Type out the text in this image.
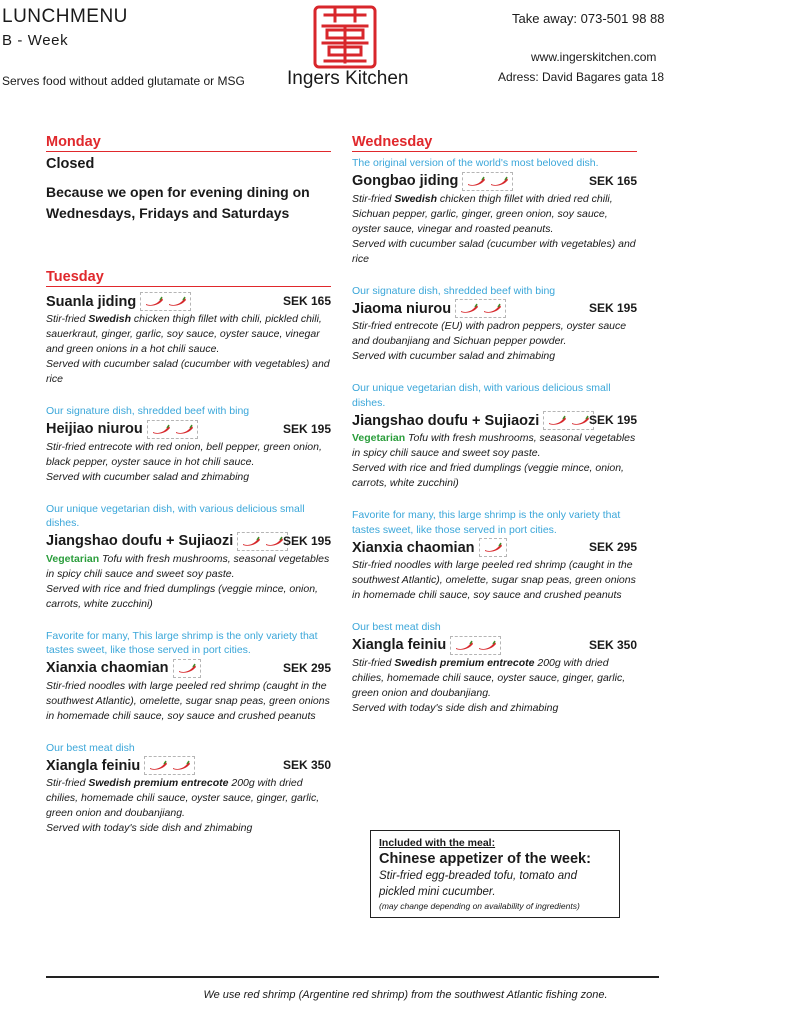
LUNCHMENU
B - Week
Serves food without added glutamate or MSG Ingers Kitchen
Take away: 073-501 98 88
www.ingerskitchen.com
Adress: David Bagares gata 18
Monday
Closed
Because we open for evening dining on Wednesdays, Fridays and Saturdays
Tuesday
Suanla jiding	SEK 165
Stir-fried Swedish chicken thigh fillet with chili, pickled chili, sauerkraut, ginger, garlic, soy sauce, oyster sauce, vinegar and green onions in a hot chili sauce.
Served with cucumber salad (cucumber with vegetables) and rice
Our signature dish, shredded beef with bing
Heijiao niurou	SEK 195
Stir-fried entrecote with red onion, bell pepper, green onion, black pepper, oyster sauce in hot chili sauce.
Served with cucumber salad and zhimabing
Our unique vegetarian dish, with various delicious small dishes.
Jiangshao doufu + Sujiaozi	SEK 195
Vegetarian Tofu with fresh mushrooms, seasonal vegetables in spicy chili sauce and sweet soy paste.
Served with rice and fried dumplings (veggie mince, onion, carrots, white zucchini)
Favorite for many, This large shrimp is the only variety that tastes sweet, like those served in port cities.
Xianxia chaomian	SEK 295
Stir-fried noodles with large peeled red shrimp (caught in the southwest Atlantic), omelette, sugar snap peas, green onions in homemade chili sauce, soy sauce and crushed peanuts
Our best meat dish
Xiangla feiniu	SEK 350
Stir-fried Swedish premium entrecote 200g with dried chilies, homemade chili sauce, oyster sauce, ginger, garlic, green onion and doubanjiang.
Served with today's side dish and zhimabing
Wednesday
The original version of the world's most beloved dish.
Gongbao jiding	SEK 165
Stir-fried Swedish chicken thigh fillet with dried red chili, Sichuan pepper, garlic, ginger, green onion, soy sauce, oyster sauce, vinegar and roasted peanuts.
Served with cucumber salad (cucumber with vegetables) and rice
Our signature dish, shredded beef with bing
Jiaoma niurou	SEK 195
Stir-fried entrecote (EU) with padron peppers, oyster sauce and doubanjiang and Sichuan pepper powder.
Served with cucumber salad and zhimabing
Our unique vegetarian dish, with various delicious small dishes.
Jiangshao doufu + Sujiaozi	SEK 195
Vegetarian Tofu with fresh mushrooms, seasonal vegetables in spicy chili sauce and sweet soy paste.
Served with rice and fried dumplings (veggie mince, onion, carrots, white zucchini)
Favorite for many, this large shrimp is the only variety that tastes sweet, like those served in port cities.
Xianxia chaomian	SEK 295
Stir-fried noodles with large peeled red shrimp (caught in the southwest Atlantic), omelette, sugar snap peas, green onions in homemade chili sauce, soy sauce and crushed peanuts
Our best meat dish
Xiangla feiniu	SEK 350
Stir-fried Swedish premium entrecote 200g with dried chilies, homemade chili sauce, oyster sauce, ginger, garlic, green onion and doubanjiang.
Served with today's side dish and zhimabing
Included with the meal:
Chinese appetizer of the week:
Stir-fried egg-breaded tofu, tomato and pickled mini cucumber.
(may change depending on availability of ingredients)
We use red shrimp (Argentine red shrimp) from the southwest Atlantic fishing zone.
